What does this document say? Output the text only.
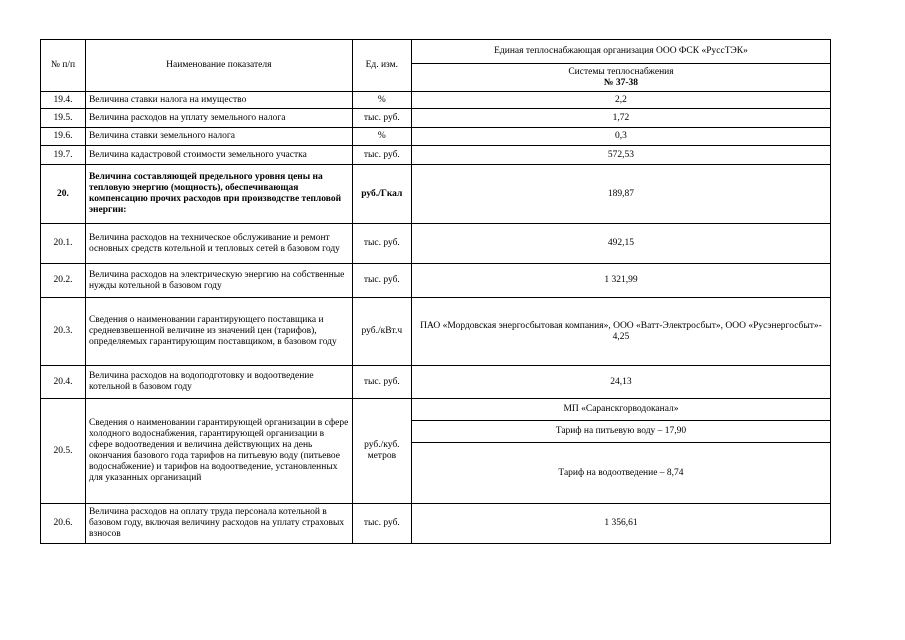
№ п/п	Наименование показателя	Ед. изм.	Единая теплоснабжающая организация ООО ФСК «РуссТЭК»
			Системы теплоснабжения
№ 37-38

19.4.	Величина ставки налога на имущество	%	2,2
19.5.	Величина расходов на уплату земельного налога	тыс. руб.	1,72
19.6.	Величина ставки земельного налога	%	0,3
19.7.	Величина кадастровой стоимости земельного участка	тыс. руб.	572,53
20.	Величина составляющей предельного уровня цены на тепловую энергию (мощность), обеспечивающая компенсацию прочих расходов при производстве тепловой энергии:	руб./Гкал	189,87
20.1.	Величина расходов на техническое обслуживание и ремонт основных средств котельной и тепловых сетей в базовом году	тыс. руб.	492,15
20.2.	Величина расходов на электрическую энергию на собственные нужды котельной в базовом году	тыс. руб.	1 321,99
20.3.	Сведения о наименовании гарантирующего поставщика и средневзвешенной величине из значений цен (тарифов), определяемых гарантирующим поставщиком, в базовом году	руб./кВт.ч	ПАО «Мордовская энергосбытовая компания», ООО «Ватт-Электросбыт», ООО «Русэнергосбыт»- 4,25
20.4.	Величина расходов на водоподготовку и водоотведение котельной в базовом году	тыс. руб.	24,13
20.5.	Сведения о наименовании гарантирующей организации в сфере холодного водоснабжения, гарантирующей организации в сфере водоотведения и величина действующих на день окончания базового года тарифов на питьевую воду (питьевое водоснабжение) и тарифов на водоотведение, установленных для указанных организаций	руб./куб. метров	МП «Саранскгорводоканал»
			Тариф на питьевую воду – 17,90
			Тариф на водоотведение – 8,74
20.6.	Величина расходов на оплату труда персонала котельной в базовом году, включая величину расходов на уплату страховых взносов	тыс. руб.	1 356,61
